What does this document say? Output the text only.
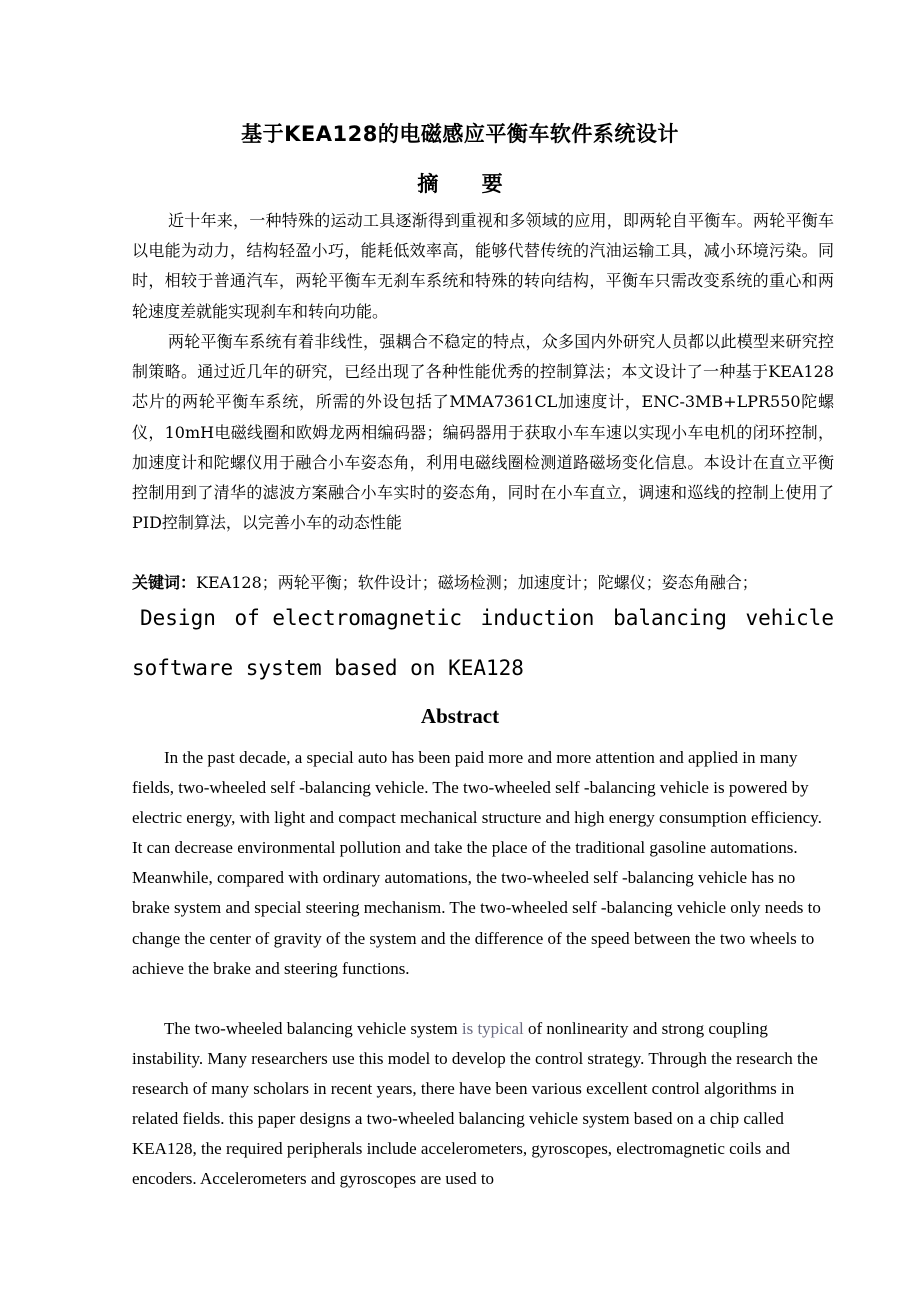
基于KEA128的电磁感应平衡车软件系统设计
摘 要

近十年来，一种特殊的运动工具逐渐得到重视和多领域的应用，即两轮自平衡车。两轮平衡车以电能为动力，结构轻盈小巧，能耗低效率高，能够代替传统的汽油运输工具，减小环境污染。同时，相较于普通汽车，两轮平衡车无刹车系统和特殊的转向结构，平衡车只需改变系统的重心和两轮速度差就能实现刹车和转向功能。

两轮平衡车系统有着非线性，强耦合不稳定的特点，众多国内外研究人员都以此模型来研究控制策略。通过近几年的研究，已经出现了各种性能优秀的控制算法；本文设计了一种基于KEA128芯片的两轮平衡车系统，所需的外设包括了MMA7361CL加速度计，ENC-3MB+LPR550陀螺仪，10mH电磁线圈和欧姆龙两相编码器；编码器用于获取小车车速以实现小车电机的闭环控制，加速度计和陀螺仪用于融合小车姿态角，利用电磁线圈检测道路磁场变化信息。本设计在直立平衡控制用到了清华的滤波方案融合小车实时的姿态角，同时在小车直立，调速和巡线的控制上使用了PID控制算法，以完善小车的动态性能

关键词：KEA128；两轮平衡；软件设计；磁场检测；加速度计；陀螺仪；姿态角融合；
Design of electromagnetic induction balancing vehicle
software system based on KEA128
Abstract

In the past decade, a special auto has been paid more and more attention and applied in many fields, two-wheeled self -balancing vehicle. The two-wheeled self -balancing vehicle is powered by electric energy, with light and compact mechanical structure and high energy consumption efficiency. It can decrease environmental pollution and take the place of the traditional gasoline automations. Meanwhile, compared with ordinary automations, the two-wheeled self -balancing vehicle has no brake system and special steering mechanism. The two-wheeled self -balancing vehicle only needs to change the center of gravity of the system and the difference of the speed between the two wheels to achieve the brake and steering functions.

The two-wheeled balancing vehicle system is typical of nonlinearity and strong coupling instability. Many researchers use this model to develop the control strategy. Through the research the research of many scholars in recent years, there have been various excellent control algorithms in related fields. this paper designs a two-wheeled balancing vehicle system based on a chip called KEA128, the required peripherals include accelerometers, gyroscopes, electromagnetic coils and encoders. Accelerometers and gyroscopes are used to
